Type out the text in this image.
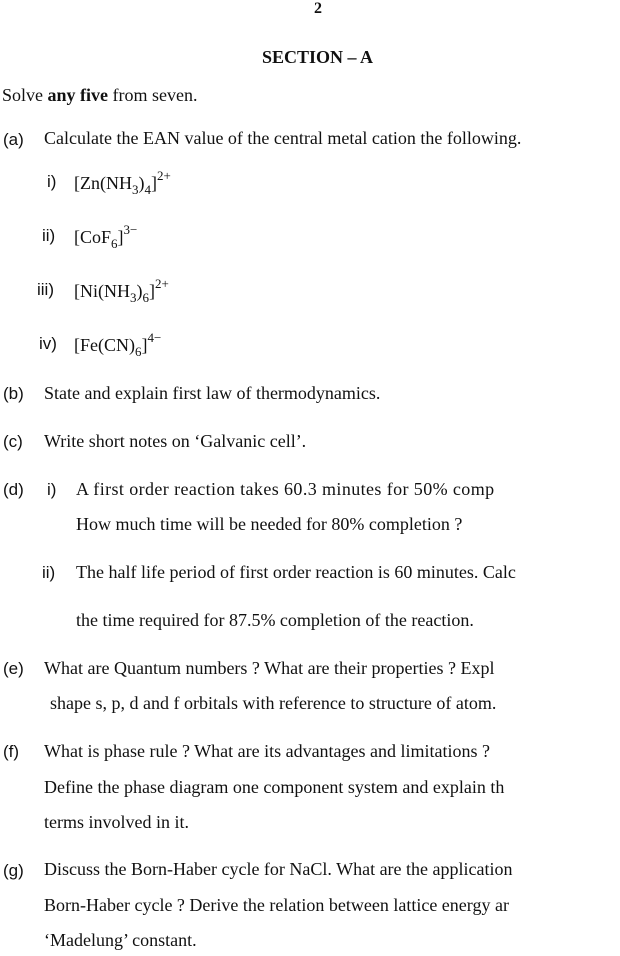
2
SECTION – A
Solve any five from seven.
(a) Calculate the EAN value of the central metal cation the following.
i) $[Zn(NH_3)_4]^{2+}$
ii) $[CoF_6]^{3-}$
iii) $[Ni(NH_3)_6]^{2+}$
iv) $[Fe(CN)_6]^{4-}$
(b) State and explain first law of thermodynamics.
(c) Write short notes on ‘Galvanic cell’.
(d) i) A first order reaction takes 60.3 minutes for 50% comp
How much time will be needed for 80% completion ?
ii) The half life period of first order reaction is 60 minutes. Calc
the time required for 87.5% completion of the reaction.
(e) What are Quantum numbers ? What are their properties ? Expl
shape s, p, d and f orbitals with reference to structure of atom.
(f) What is phase rule ? What are its advantages and limitations ?
Define the phase diagram one component system and explain th
terms involved in it.
(g) Discuss the Born-Haber cycle for NaCl. What are the application
Born-Haber cycle ? Derive the relation between lattice energy ar
‘Madelung’ constant.
